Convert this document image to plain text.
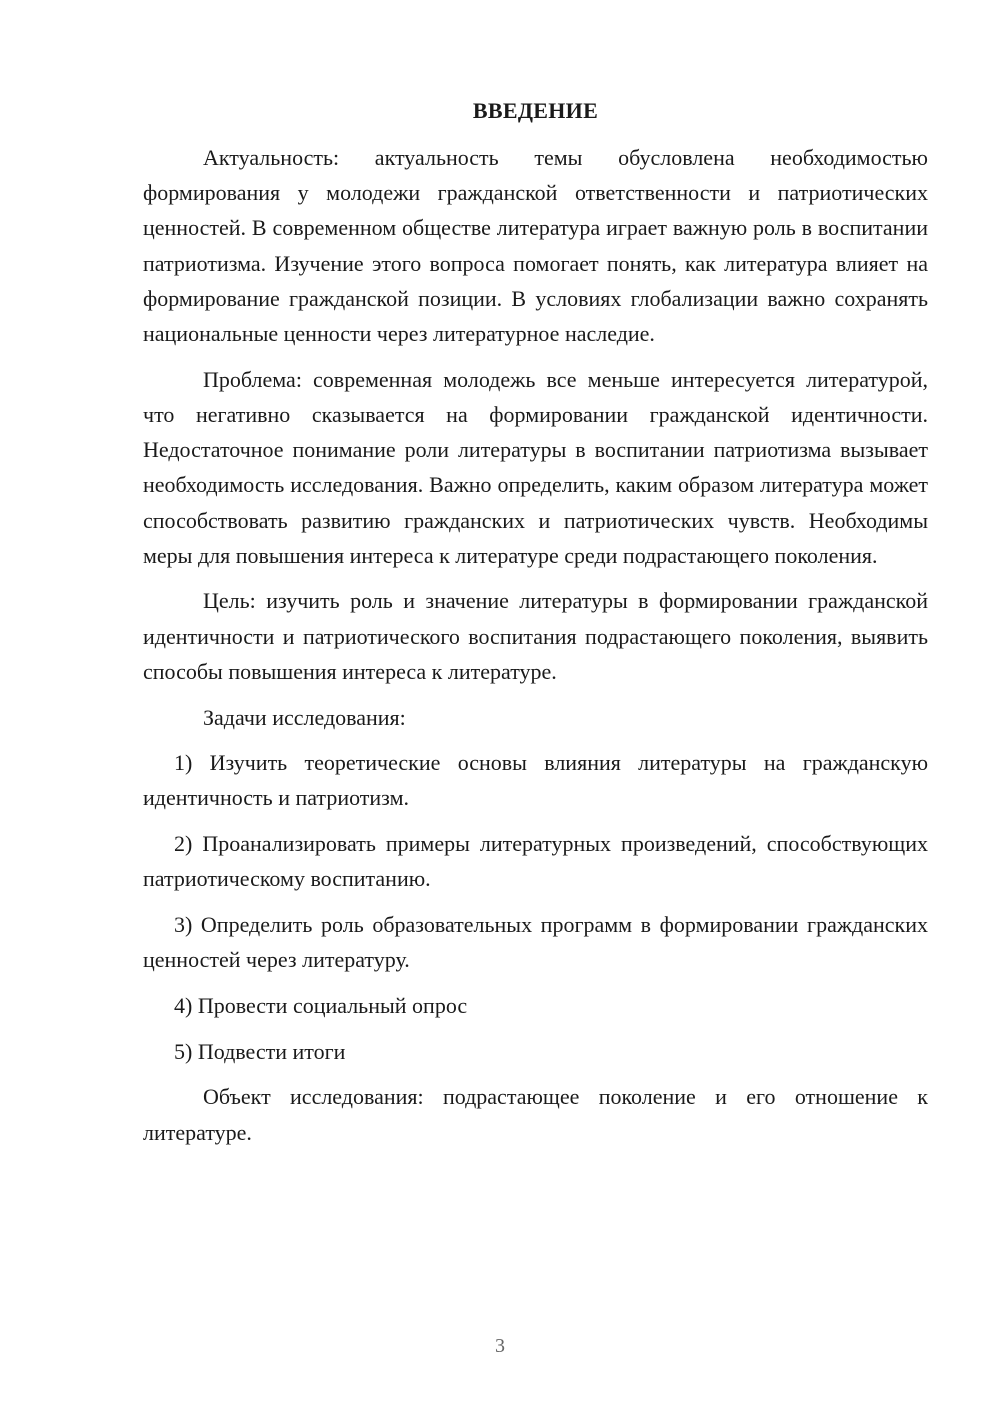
ВВЕДЕНИЕ

Актуальность: актуальность темы обусловлена необходимостью формирования у молодежи гражданской ответственности и патриотических ценностей. В современном обществе литература играет важную роль в воспитании патриотизма. Изучение этого вопроса помогает понять, как литература влияет на формирование гражданской позиции. В условиях глобализации важно сохранять национальные ценности через литературное наследие.

Проблема: современная молодежь все меньше интересуется литературой, что негативно сказывается на формировании гражданской идентичности. Недостаточное понимание роли литературы в воспитании патриотизма вызывает необходимость исследования. Важно определить, каким образом литература может способствовать развитию гражданских и патриотических чувств. Необходимы меры для повышения интереса к литературе среди подрастающего поколения.

Цель: изучить роль и значение литературы в формировании гражданской идентичности и патриотического воспитания подрастающего поколения, выявить способы повышения интереса к литературе.

Задачи исследования:

1) Изучить теоретические основы влияния литературы на гражданскую идентичность и патриотизм.

2) Проанализировать примеры литературных произведений, способствующих патриотическому воспитанию.

3) Определить роль образовательных программ в формировании гражданских ценностей через литературу.

4) Провести социальный опрос

5) Подвести итоги

Объект исследования: подрастающее поколение и его отношение к литературе.

3
